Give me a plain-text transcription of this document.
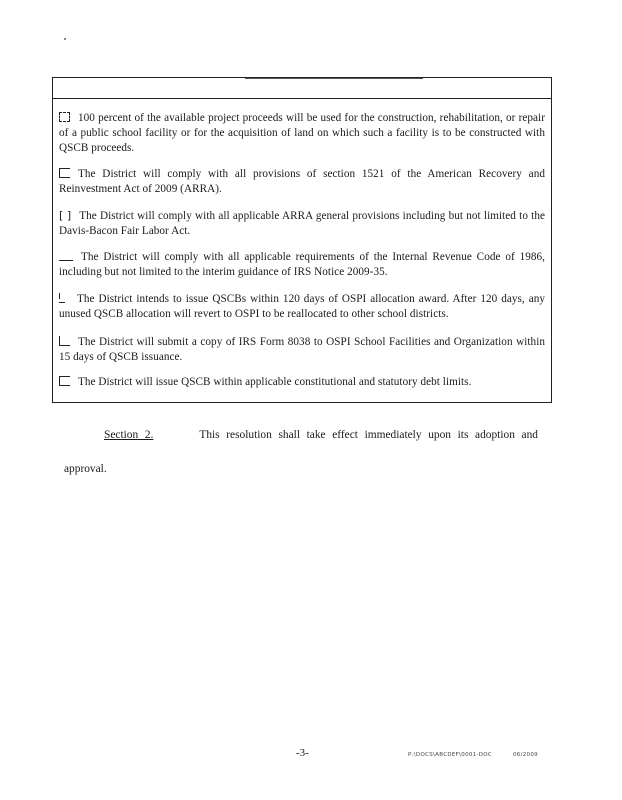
100 percent of the available project proceeds will be used for the construction, rehabilitation, or repair of a public school facility or for the acquisition of land on which such a facility is to be constructed with QSCB proceeds.
The District will comply with all provisions of section 1521 of the American Recovery and Reinvestment Act of 2009 (ARRA).
[ ] The District will comply with all applicable ARRA general provisions including but not limited to the Davis-Bacon Fair Labor Act.
The District will comply with all applicable requirements of the Internal Revenue Code of 1986, including but not limited to the interim guidance of IRS Notice 2009-35.
The District intends to issue QSCBs within 120 days of OSPI allocation award. After 120 days, any unused QSCB allocation will revert to OSPI to be reallocated to other school districts.
The District will submit a copy of IRS Form 8038 to OSPI School Facilities and Organization within 15 days of QSCB issuance.
The District will issue QSCB within applicable constitutional and statutory debt limits.
Section 2.	This resolution shall take effect immediately upon its adoption and approval.
-3-	P:\DOCS\ABCDEF\0001-DOC	06/2009
